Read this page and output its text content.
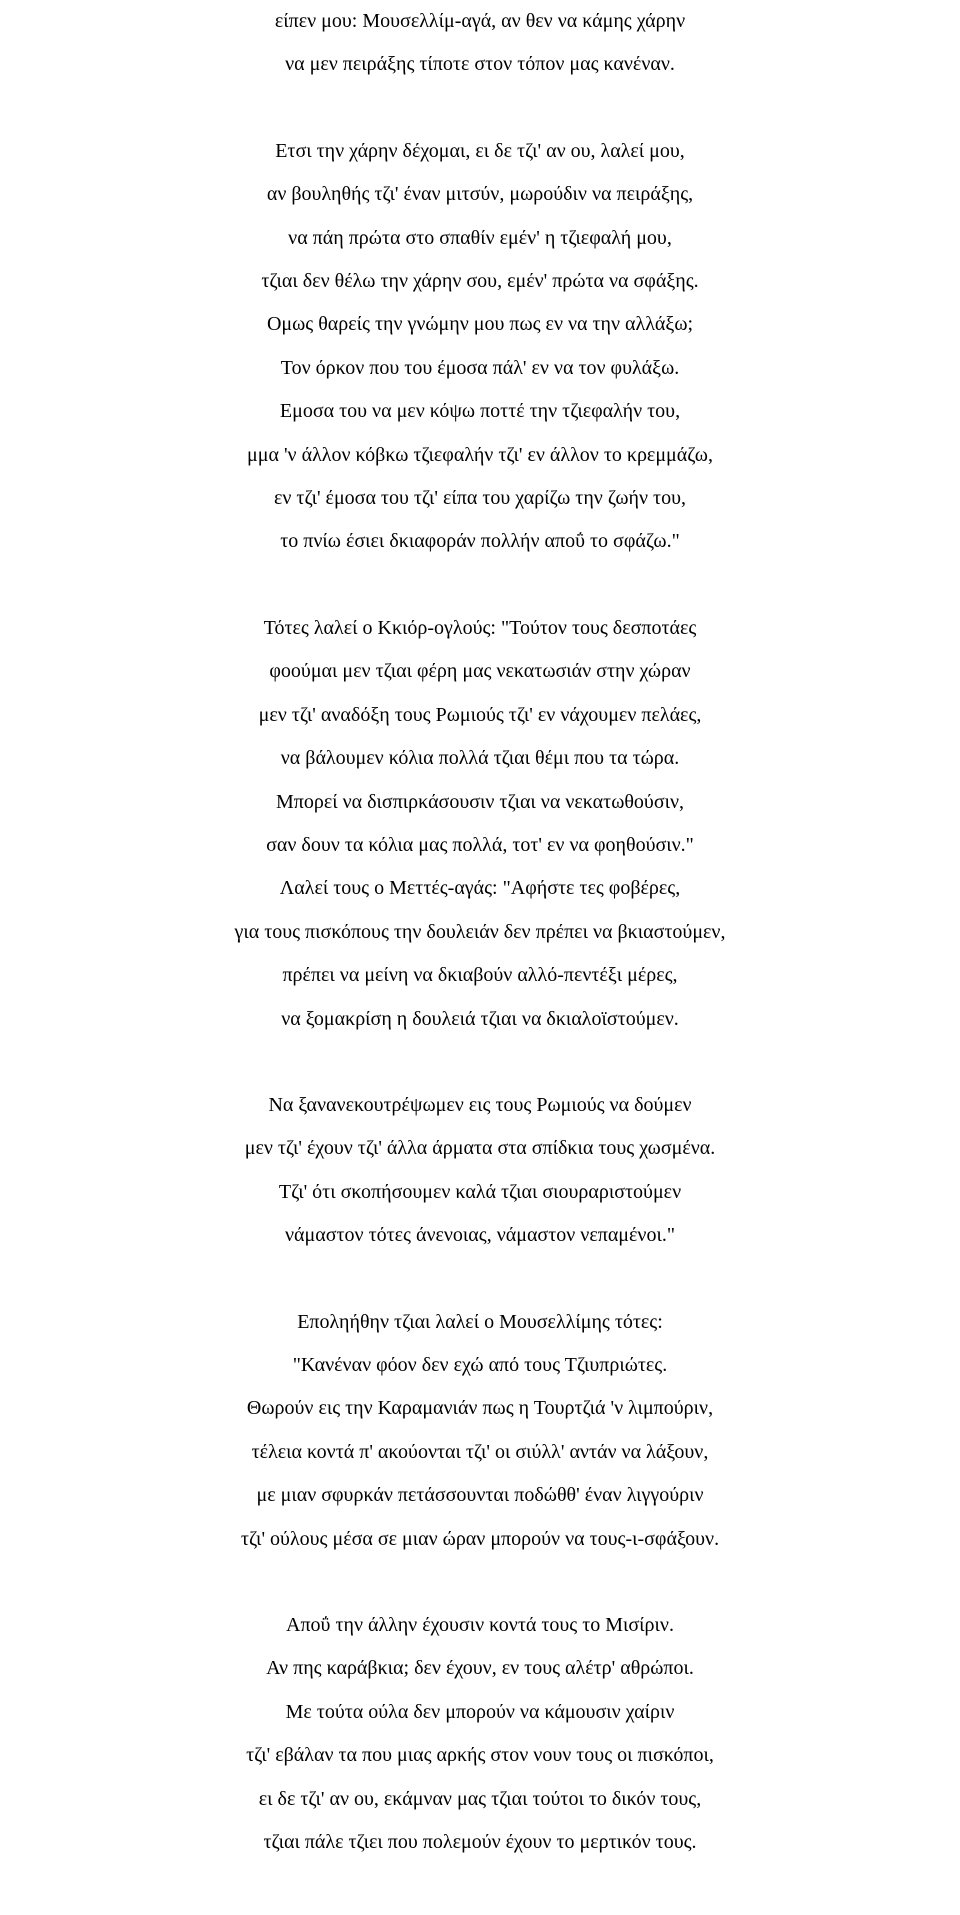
είπεν μου: Μουσελλίμ-αγά, αν θεν να κάμης χάρην
να μεν πειράξης τίποτε στον τόπον μας κανέναν.
Ετσι την χάρην δέχομαι, ει δε τζι' αν ου, λαλεί μου,
αν βουληθής τζι' έναν μιτσύν, μωρούδιν να πειράξης,
να πάη πρώτα στο σπαθίν εμέν' η τζιεφαλή μου,
τζιαι δεν θέλω την χάρην σου, εμέν' πρώτα να σφάξης.
Ομως θαρείς την γνώμην μου πως εν να την αλλάξω;
Τον όρκον που του έμοσα πάλ' εν να τον φυλάξω.
Εμοσα του να μεν κόψω ποττέ την τζιεφαλήν του,
μμα 'ν άλλον κόβκω τζιεφαλήν τζι' εν άλλον το κρεμμάζω,
εν τζι' έμοσα του τζι' είπα του χαρίζω την ζωήν του,
το πνίω έσιει δκιαφοράν πολλήν αποΰ το σφάζω."
Τότες λαλεί ο Κκιόρ-ογλούς: "Τούτον τους δεσποτάες
φοούμαι μεν τζιαι φέρη μας νεκατωσιάν στην χώραν
μεν τζι' αναδόξη τους Ρωμιούς τζι' εν νάχουμεν πελάες,
να βάλουμεν κόλια πολλά τζιαι θέμι που τα τώρα.
Μπορεί να δισπιρκάσουσιν τζιαι να νεκατωθούσιν,
σαν δουν τα κόλια μας πολλά, τοτ' εν να φοηθούσιν."
Λαλεί τους ο Μεττές-αγάς: "Αφήστε τες φοβέρες,
για τους πισκόπους την δουλειάν δεν πρέπει να βκιαστούμεν,
πρέπει να μείνη να δκιαβούν αλλό-πεντέξι μέρες,
να ξομακρίση η δουλειά τζιαι να δκιαλοϊστούμεν.
Να ξανανεκουτρέψωμεν εις τους Ρωμιούς να δούμεν
μεν τζι' έχουν τζι' άλλα άρματα στα σπίδκια τους χωσμένα.
Τζι' ότι σκοπήσουμεν καλά τζιαι σιουραριστούμεν
νάμαστον τότες άνενοιας, νάμαστον νεπαμένοι."
Εποληήθην τζιαι λαλεί ο Μουσελλίμης τότες:
"Κανέναν φόον δεν εχώ από τους Τζιυπριώτες.
Θωρούν εις την Καραμανιάν πως η Τουρτζιά 'ν λιμπούριν,
τέλεια κοντά π' ακούονται τζι' οι σιύλλ' αντάν να λάξουν,
με μιαν σφυρκάν πετάσσουνται ποδώθθ' έναν λιγγούριν
τζι' ούλους μέσα σε μιαν ώραν μπορούν να τους-ι-σφάξουν.
Αποΰ την άλλην έχουσιν κοντά τους το Μισίριν.
Αν πης καράβκια; δεν έχουν, εν τους αλέτρ' αθρώποι.
Με τούτα ούλα δεν μπορούν να κάμουσιν χαίριν
τζι' εβάλαν τα που μιας αρκής στον νουν τους οι πισκόποι,
ει δε τζι' αν ου, εκάμναν μας τζιαι τούτοι το δικόν τους,
τζιαι πάλε τζιει που πολεμούν έχουν το μερτικόν τους.
